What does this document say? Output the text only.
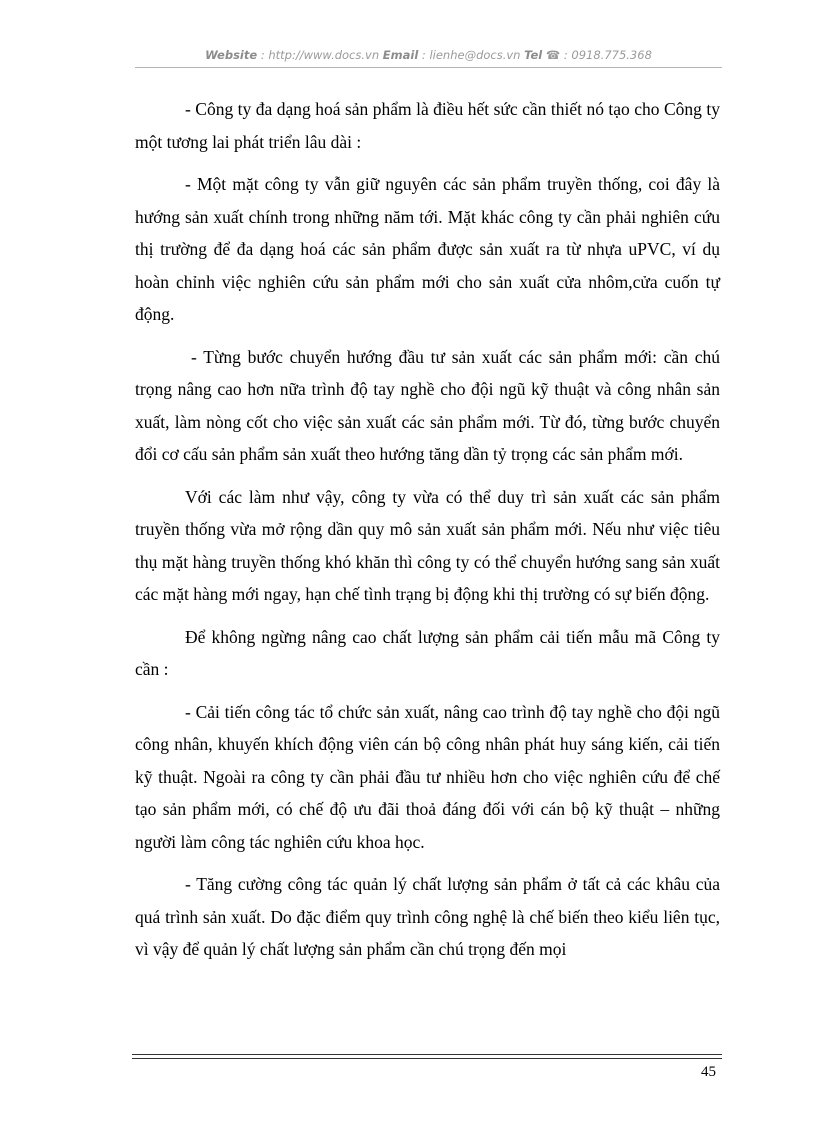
Website : http://www.docs.vn Email : lienhe@docs.vn Tel ☎ : 0918.775.368

- Công ty đa dạng hoá sản phẩm là điều hết sức cần thiết nó tạo cho Công ty một tương lai phát triển lâu dài :

- Một mặt công ty vẫn giữ nguyên các sản phẩm truyền thống, coi đây là hướng sản xuất chính trong những năm tới. Mặt khác công ty cần phải nghiên cứu thị trường để đa dạng hoá các sản phẩm được sản xuất ra từ nhựa uPVC, ví dụ hoàn chỉnh việc nghiên cứu sản phẩm mới cho sản xuất cửa nhôm,cửa cuốn tự động.

- Từng bước chuyển hướng đầu tư sản xuất các sản phẩm mới: cần chú trọng nâng cao hơn nữa trình độ tay nghề cho đội ngũ kỹ thuật và công nhân sản xuất, làm nòng cốt cho việc sản xuất các sản phẩm mới. Từ đó, từng bước chuyển đổi cơ cấu sản phẩm sản xuất theo hướng tăng dần tỷ trọng các sản phẩm mới.

Với các làm như vậy, công ty vừa có thể duy trì sản xuất các sản phẩm truyền thống vừa mở rộng dần quy mô sản xuất sản phẩm mới. Nếu như việc tiêu thụ mặt hàng truyền thống khó khăn thì công ty có thể chuyển hướng sang sản xuất các mặt hàng mới ngay, hạn chế tình trạng bị động khi thị trường có sự biến động.

Để không ngừng nâng cao chất lượng sản phẩm cải tiến mẫu mã Công ty cần :

- Cải tiến công tác tổ chức sản xuất, nâng cao trình độ tay nghề cho đội ngũ công nhân, khuyến khích động viên cán bộ công nhân phát huy sáng kiến, cải tiến kỹ thuật. Ngoài ra công ty cần phải đầu tư nhiều hơn cho việc nghiên cứu để chế tạo sản phẩm mới, có chế độ ưu đãi thoả đáng đối với cán bộ kỹ thuật – những người làm công tác nghiên cứu khoa học.

- Tăng cường công tác quản lý chất lượng sản phẩm ở tất cả các khâu của quá trình sản xuất. Do đặc điểm quy trình công nghệ là chế biến theo kiểu liên tục, vì vậy để quản lý chất lượng sản phẩm cần chú trọng đến mọi

45
